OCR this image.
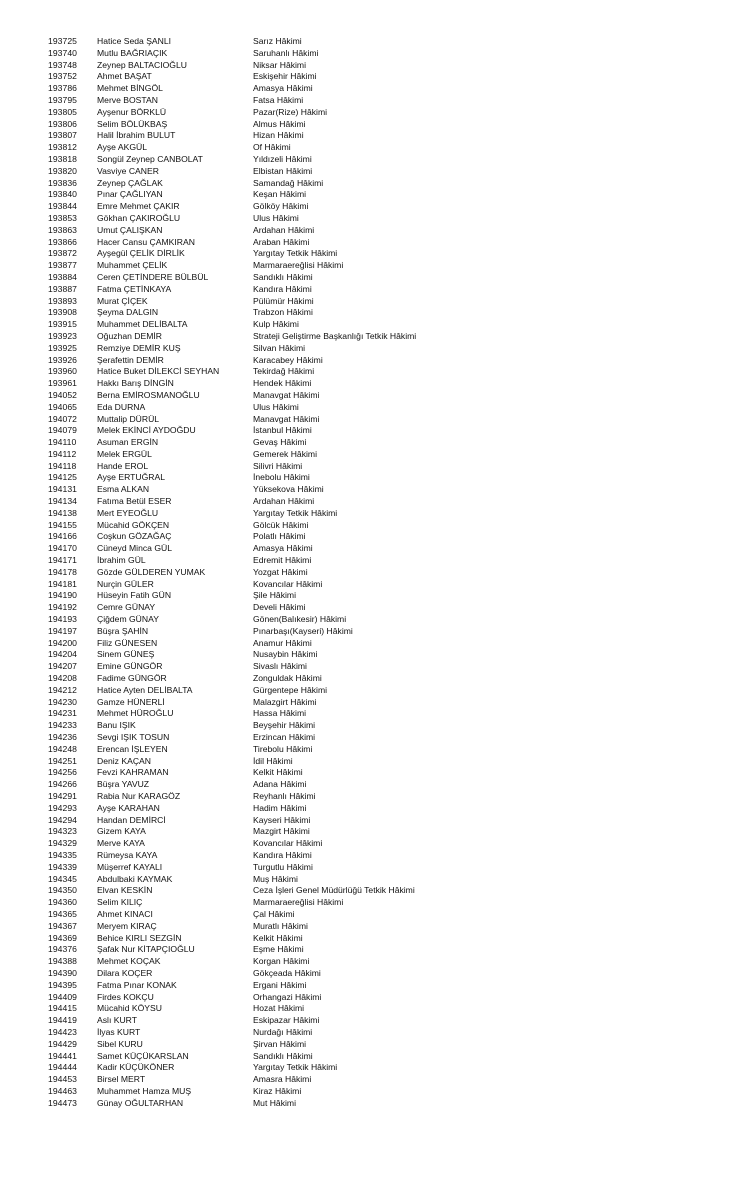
193725	Hatice Seda ŞANLI	Sarız Hâkimi
193740	Mutlu BAĞRIAÇIK	Saruhanlı Hâkimi
193748	Zeynep BALTACIOĞLU	Niksar Hâkimi
193752	Ahmet BAŞAT	Eskişehir Hâkimi
193786	Mehmet BİNGÖL	Amasya Hâkimi
193795	Merve BOSTAN	Fatsa Hâkimi
193805	Ayşenur BÖRKLÜ	Pazar(Rize) Hâkimi
193806	Selim BÖLÜKBAŞ	Almus Hâkimi
193807	Halil İbrahim BULUT	Hizan Hâkimi
193812	Ayşe AKGÜL	Of Hâkimi
193818	Songül Zeynep CANBOLAT	Yıldızeli Hâkimi
193820	Vasviye CANER	Elbistan Hâkimi
193836	Zeynep ÇAĞLAK	Samandağ Hâkimi
193840	Pınar ÇAĞLIYAN	Keşan Hâkimi
193844	Emre Mehmet ÇAKIR	Gölköy Hâkimi
193853	Gökhan ÇAKIROĞLU	Ulus Hâkimi
193863	Umut ÇALIŞKAN	Ardahan Hâkimi
193866	Hacer Cansu ÇAMKIRAN	Araban Hâkimi
193872	Ayşegül ÇELİK DİRLİK	Yargıtay Tetkik Hâkimi
193877	Muhammet ÇELİK	Marmaraereğlisi Hâkimi
193884	Ceren ÇETİNDERE BÜLBÜL	Sandıklı Hâkimi
193887	Fatma ÇETİNKAYA	Kandıra Hâkimi
193893	Murat ÇİÇEK	Pülümür Hâkimi
193908	Şeyma DALGIN	Trabzon Hâkimi
193915	Muhammet DELİBALTA	Kulp Hâkimi
193923	Oğuzhan DEMİR	Strateji Geliştirme Başkanlığı Tetkik Hâkimi
193925	Remziye DEMİR KUŞ	Silvan Hâkimi
193926	Şerafettin DEMİR	Karacabey Hâkimi
193960	Hatice Buket DİLEKCİ SEYHAN	Tekirdağ Hâkimi
193961	Hakkı Barış DİNGİN	Hendek Hâkimi
194052	Berna EMİROSMANOĞLU	Manavgat Hâkimi
194065	Eda DURNA	Ulus Hâkimi
194072	Muttalip DÜRÜL	Manavgat Hâkimi
194079	Melek EKİNCİ AYDOĞDU	İstanbul Hâkimi
194110	Asuman ERGİN	Gevaş Hâkimi
194112	Melek ERGÜL	Gemerek Hâkimi
194118	Hande EROL	Silivri Hâkimi
194125	Ayşe ERTUĞRAL	İnebolu Hâkimi
194131	Esma ALKAN	Yüksekova Hâkimi
194134	Fatıma Betül ESER	Ardahan Hâkimi
194138	Mert EYEOĞLU	Yargıtay Tetkik Hâkimi
194155	Mücahid GÖKÇEN	Gölcük Hâkimi
194166	Coşkun GÖZAĞAÇ	Polatlı Hâkimi
194170	Cüneyd Minca GÜL	Amasya Hâkimi
194171	İbrahim GÜL	Edremit Hâkimi
194178	Gözde GÜLDEREN YUMAK	Yozgat Hâkimi
194181	Nurçin GÜLER	Kovancılar Hâkimi
194190	Hüseyin Fatih GÜN	Şile Hâkimi
194192	Cemre GÜNAY	Develi Hâkimi
194193	Çiğdem GÜNAY	Gönen(Balıkesir) Hâkimi
194197	Büşra ŞAHİN	Pınarbaşı(Kayseri) Hâkimi
194200	Filiz GÜNESEN	Anamur Hâkimi
194204	Sinem GÜNEŞ	Nusaybin Hâkimi
194207	Emine GÜNGÖR	Sivaslı Hâkimi
194208	Fadime GÜNGÖR	Zonguldak Hâkimi
194212	Hatice Ayten DELİBALTA	Gürgentepe Hâkimi
194230	Gamze HÜNERLİ	Malazgirt Hâkimi
194231	Mehmet HÜROĞLU	Hassa Hâkimi
194233	Banu IŞIK	Beyşehir Hâkimi
194236	Sevgi IŞIK TOSUN	Erzincan Hâkimi
194248	Erencan İŞLEYEN	Tirebolu Hâkimi
194251	Deniz KAÇAN	İdil Hâkimi
194256	Fevzi KAHRAMAN	Kelkit Hâkimi
194266	Büşra YAVUZ	Adana Hâkimi
194291	Rabia Nur KARAGÖZ	Reyhanlı Hâkimi
194293	Ayşe KARAHAN	Hadim Hâkimi
194294	Handan DEMİRCİ	Kayseri Hâkimi
194323	Gizem KAYA	Mazgirt Hâkimi
194329	Merve KAYA	Kovancılar Hâkimi
194335	Rümeysa KAYA	Kandıra Hâkimi
194339	Müşerref KAYALI	Turgutlu Hâkimi
194345	Abdulbaki KAYMAK	Muş Hâkimi
194350	Elvan KESKİN	Ceza İşleri Genel Müdürlüğü Tetkik Hâkimi
194360	Selim KILIÇ	Marmaraereğlisi Hâkimi
194365	Ahmet KINACI	Çal Hâkimi
194367	Meryem KIRAÇ	Muratlı Hâkimi
194369	Behice KIRLI SEZGİN	Kelkit Hâkimi
194376	Şafak Nur KİTAPÇIOĞLU	Eşme Hâkimi
194388	Mehmet KOÇAK	Korgan Hâkimi
194390	Dilara KOÇER	Gökçeada Hâkimi
194395	Fatma Pınar KONAK	Ergani Hâkimi
194409	Firdes KOKÇU	Orhangazi Hâkimi
194415	Mücahid KÖYSU	Hozat Hâkimi
194419	Aslı KURT	Eskipazar Hâkimi
194423	İlyas KURT	Nurdağı Hâkimi
194429	Sibel KURU	Şirvan Hâkimi
194441	Samet KÜÇÜKARSLAN	Sandıklı Hâkimi
194444	Kadir KÜÇÜKÖNER	Yargıtay Tetkik Hâkimi
194453	Birsel MERT	Amasra Hâkimi
194463	Muhammet Hamza MUŞ	Kiraz Hâkimi
194473	Günay OĞULTARHAN	Mut Hâkimi
